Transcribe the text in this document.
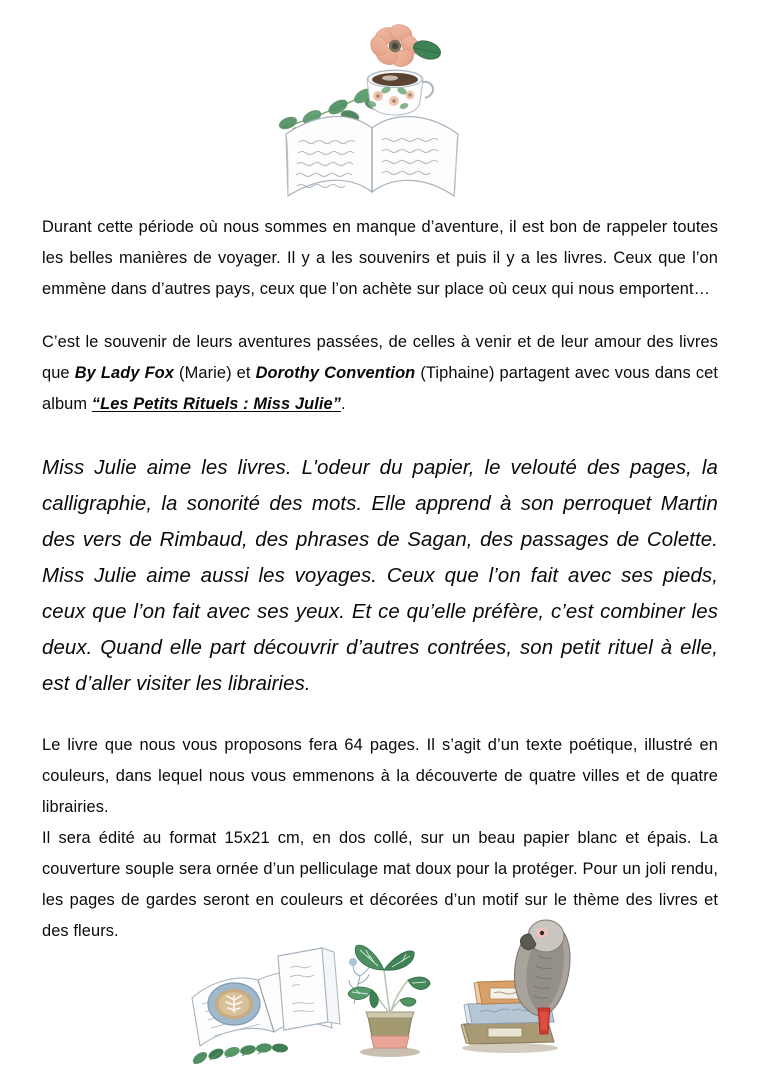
Durant cette période où nous sommes en manque d’aventure, il est bon de rappeler toutes les belles manières de voyager. Il y a les souvenirs et puis il y a les livres. Ceux que l’on emmène dans d’autres pays, ceux que l’on achète sur place où ceux qui nous emportent…

C’est le souvenir de leurs aventures passées, de celles à venir et de leur amour des livres que By Lady Fox (Marie) et Dorothy Convention (Tiphaine) partagent avec vous dans cet album “Les Petits Rituels : Miss Julie”.

Miss Julie aime les livres. L'odeur du papier, le velouté des pages, la calligraphie, la sonorité des mots. Elle apprend à son perroquet Martin des vers de Rimbaud, des phrases de Sagan, des passages de Colette. Miss Julie aime aussi les voyages. Ceux que l’on fait avec ses pieds, ceux que l’on fait avec ses yeux. Et ce qu’elle préfère, c’est combiner les deux. Quand elle part découvrir d’autres contrées, son petit rituel à elle, est d’aller visiter les librairies.

Le livre que nous vous proposons fera 64 pages. Il s’agit d’un texte poétique, illustré en couleurs, dans lequel nous vous emmenons à la découverte de quatre villes et de quatre librairies.

Il sera édité au format 15x21 cm, en dos collé, sur un beau papier blanc et épais. La couverture souple sera ornée d’un pelliculage mat doux pour la protéger. Pour un joli rendu, les pages de gardes seront en couleurs et décorées d’un motif sur le thème des livres et des fleurs.
